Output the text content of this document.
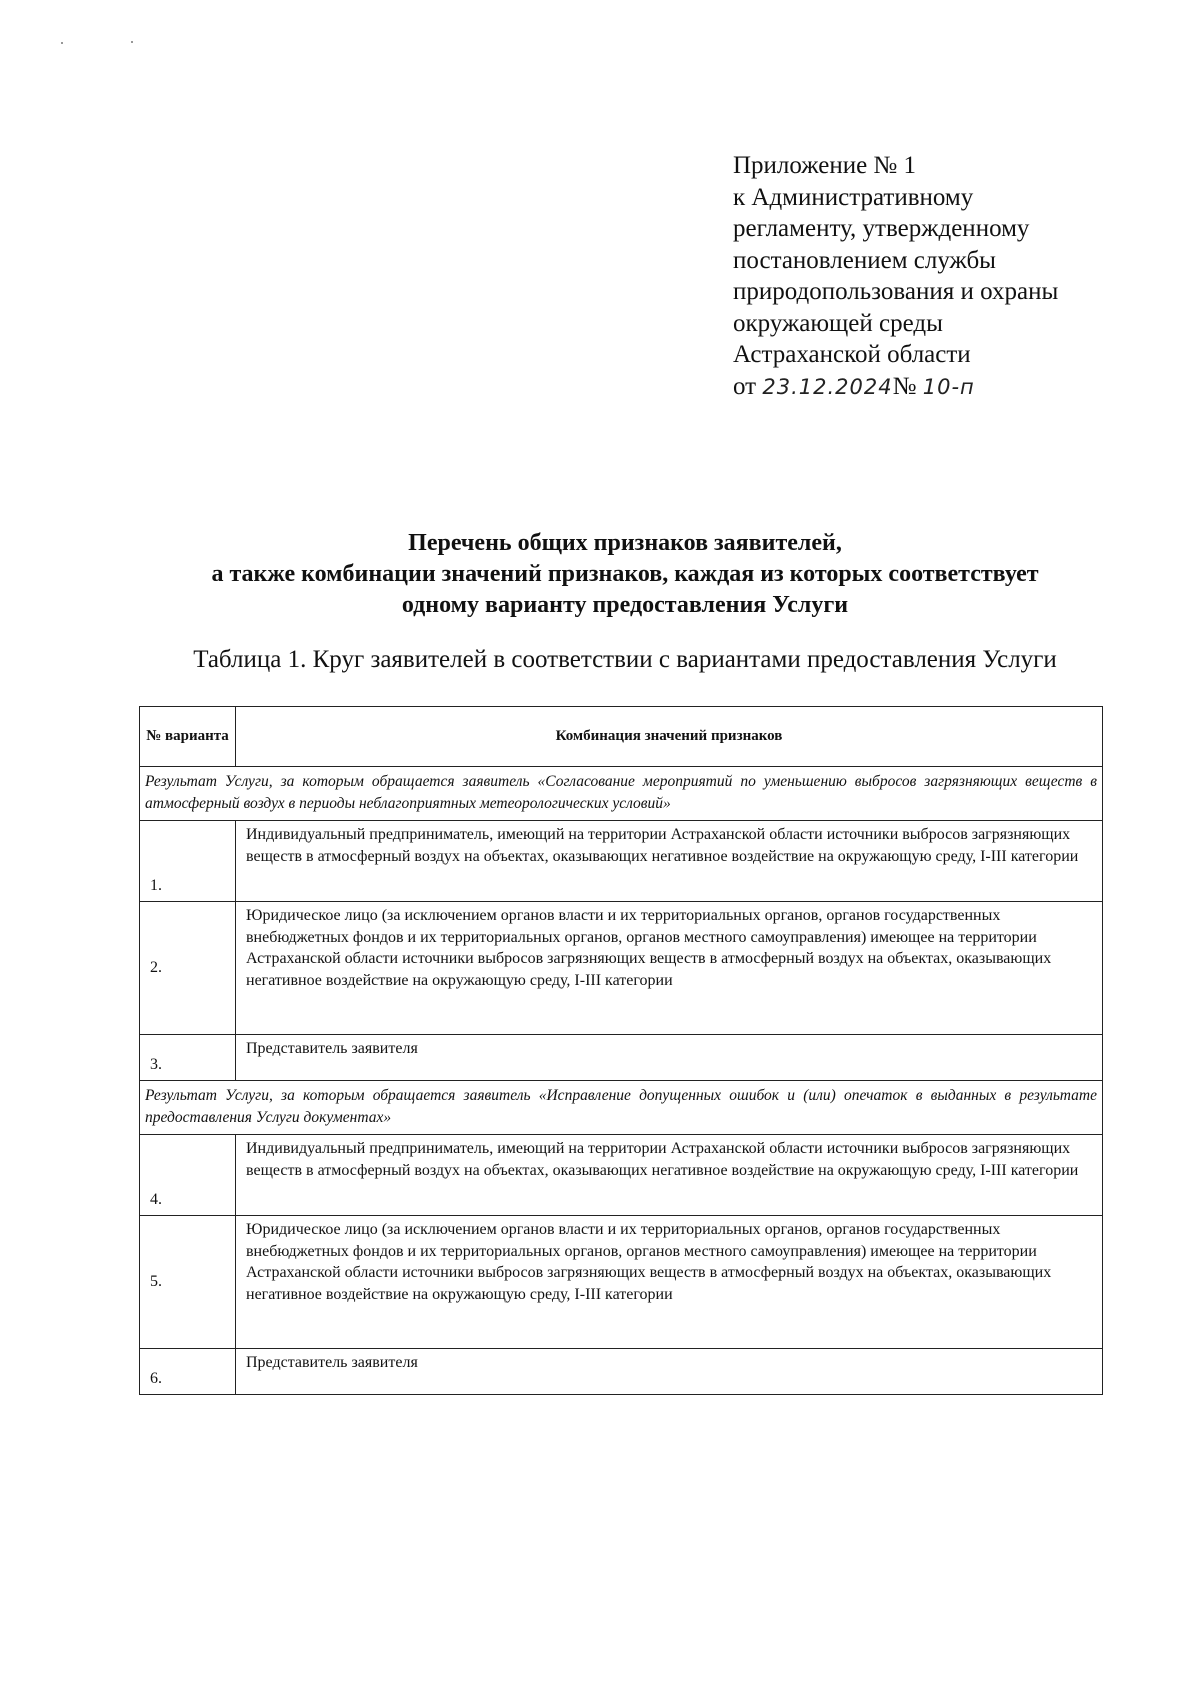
Приложение № 1
к Административному
регламенту, утвержденному
постановлением службы
природопользования и охраны
окружающей среды
Астраханской области
от 23.12.2024№ 10-п
Перечень общих признаков заявителей,
а также комбинации значений признаков, каждая из которых соответствует
одному варианту предоставления Услуги
Таблица 1. Круг заявителей в соответствии с вариантами предоставления Услуги
№ варианта	Комбинация значений признаков
Результат Услуги, за которым обращается заявитель «Согласование мероприятий по уменьшению выбросов загрязняющих веществ в атмосферный воздух в периоды неблагоприятных метеорологических условий»	
1.	Индивидуальный предприниматель, имеющий на территории Астраханской области источники выбросов загрязняющих веществ в атмосферный воздух на объектах, оказывающих негативное воздействие на окружающую среду, I-III категории
2.	Юридическое лицо (за исключением органов власти и их территориальных органов, органов государственных внебюджетных фондов и их территориальных органов, органов местного самоуправления) имеющее на территории Астраханской области источники выбросов загрязняющих веществ в атмосферный воздух на объектах, оказывающих негативное воздействие на окружающую среду, I-III категории
3.	Представитель заявителя
Результат Услуги, за которым обращается заявитель «Исправление допущенных ошибок и (или) опечаток в выданных в результате предоставления Услуги документах»	
4.	Индивидуальный предприниматель, имеющий на территории Астраханской области источники выбросов загрязняющих веществ в атмосферный воздух на объектах, оказывающих негативное воздействие на окружающую среду, I-III категории
5.	Юридическое лицо (за исключением органов власти и их территориальных органов, органов государственных внебюджетных фондов и их территориальных органов, органов местного самоуправления) имеющее на территории Астраханской области источники выбросов загрязняющих веществ в атмосферный воздух на объектах, оказывающих негативное воздействие на окружающую среду, I-III категории
6.	Представитель заявителя
